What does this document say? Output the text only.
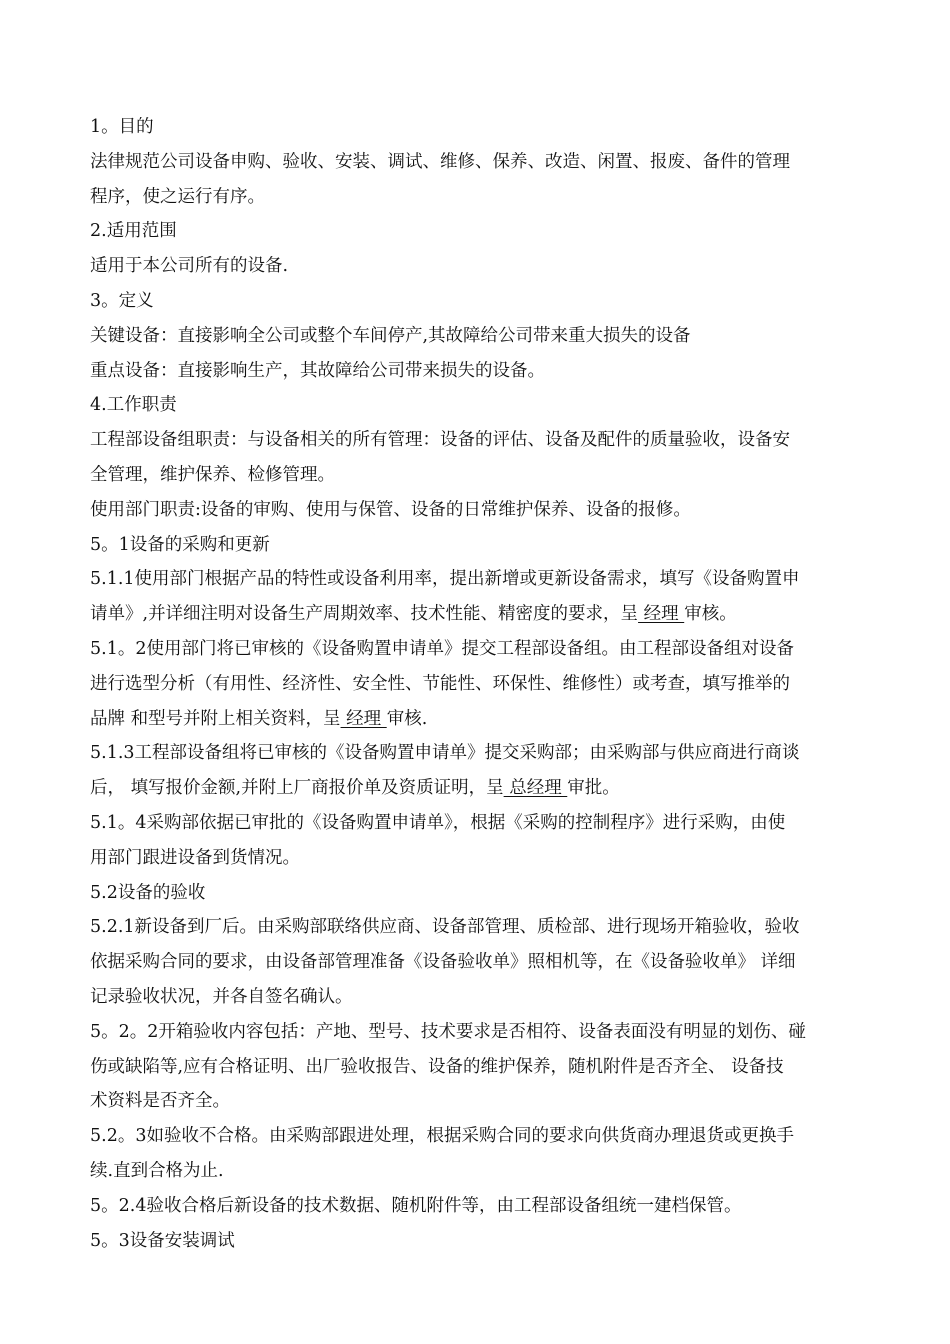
1。目的
法律规范公司设备申购、验收、安装、调试、维修、保养、改造、闲置、报废、备件的管理
程序，使之运行有序。
2.适用范围
适用于本公司所有的设备.
3。定义
关键设备：直接影响全公司或整个车间停产,其故障给公司带来重大损失的设备
重点设备：直接影响生产，其故障给公司带来损失的设备。
4.工作职责
工程部设备组职责：与设备相关的所有管理：设备的评估、设备及配件的质量验收，设备安
全管理，维护保养、检修管理。
使用部门职责:设备的审购、使用与保管、设备的日常维护保养、设备的报修。
5。1设备的采购和更新
5.1.1使用部门根据产品的特性或设备利用率，提出新增或更新设备需求，填写《设备购置申
请单》,并详细注明对设备生产周期效率、技术性能、精密度的要求，呈 经理 审核。
5.1。2使用部门将已审核的《设备购置申请单》提交工程部设备组。由工程部设备组对设备
进行选型分析（有用性、经济性、安全性、节能性、环保性、维修性）或考查，填写推举的
品牌 和型号并附上相关资料，呈 经理 审核.
5.1.3工程部设备组将已审核的《设备购置申请单》提交采购部；由采购部与供应商进行商谈
后， 填写报价金额,并附上厂商报价单及资质证明，呈 总经理 审批。
5.1。4采购部依据已审批的《设备购置申请单》，根据《采购的控制程序》进行采购，由使
用部门跟进设备到货情况。
5.2设备的验收
5.2.1新设备到厂后。由采购部联络供应商、设备部管理、质检部、进行现场开箱验收，验收
依据采购合同的要求，由设备部管理准备《设备验收单》照相机等，在《设备验收单》 详细
记录验收状况，并各自签名确认。
5。2。2开箱验收内容包括：产地、型号、技术要求是否相符、设备表面没有明显的划伤、碰
伤或缺陷等,应有合格证明、出厂验收报告、设备的维护保养，随机附件是否齐全、 设备技
术资料是否齐全。
5.2。3如验收不合格。由采购部跟进处理，根据采购合同的要求向供货商办理退货或更换手
续.直到合格为止.
5。2.4验收合格后新设备的技术数据、随机附件等，由工程部设备组统一建档保管。
5。3设备安装调试
